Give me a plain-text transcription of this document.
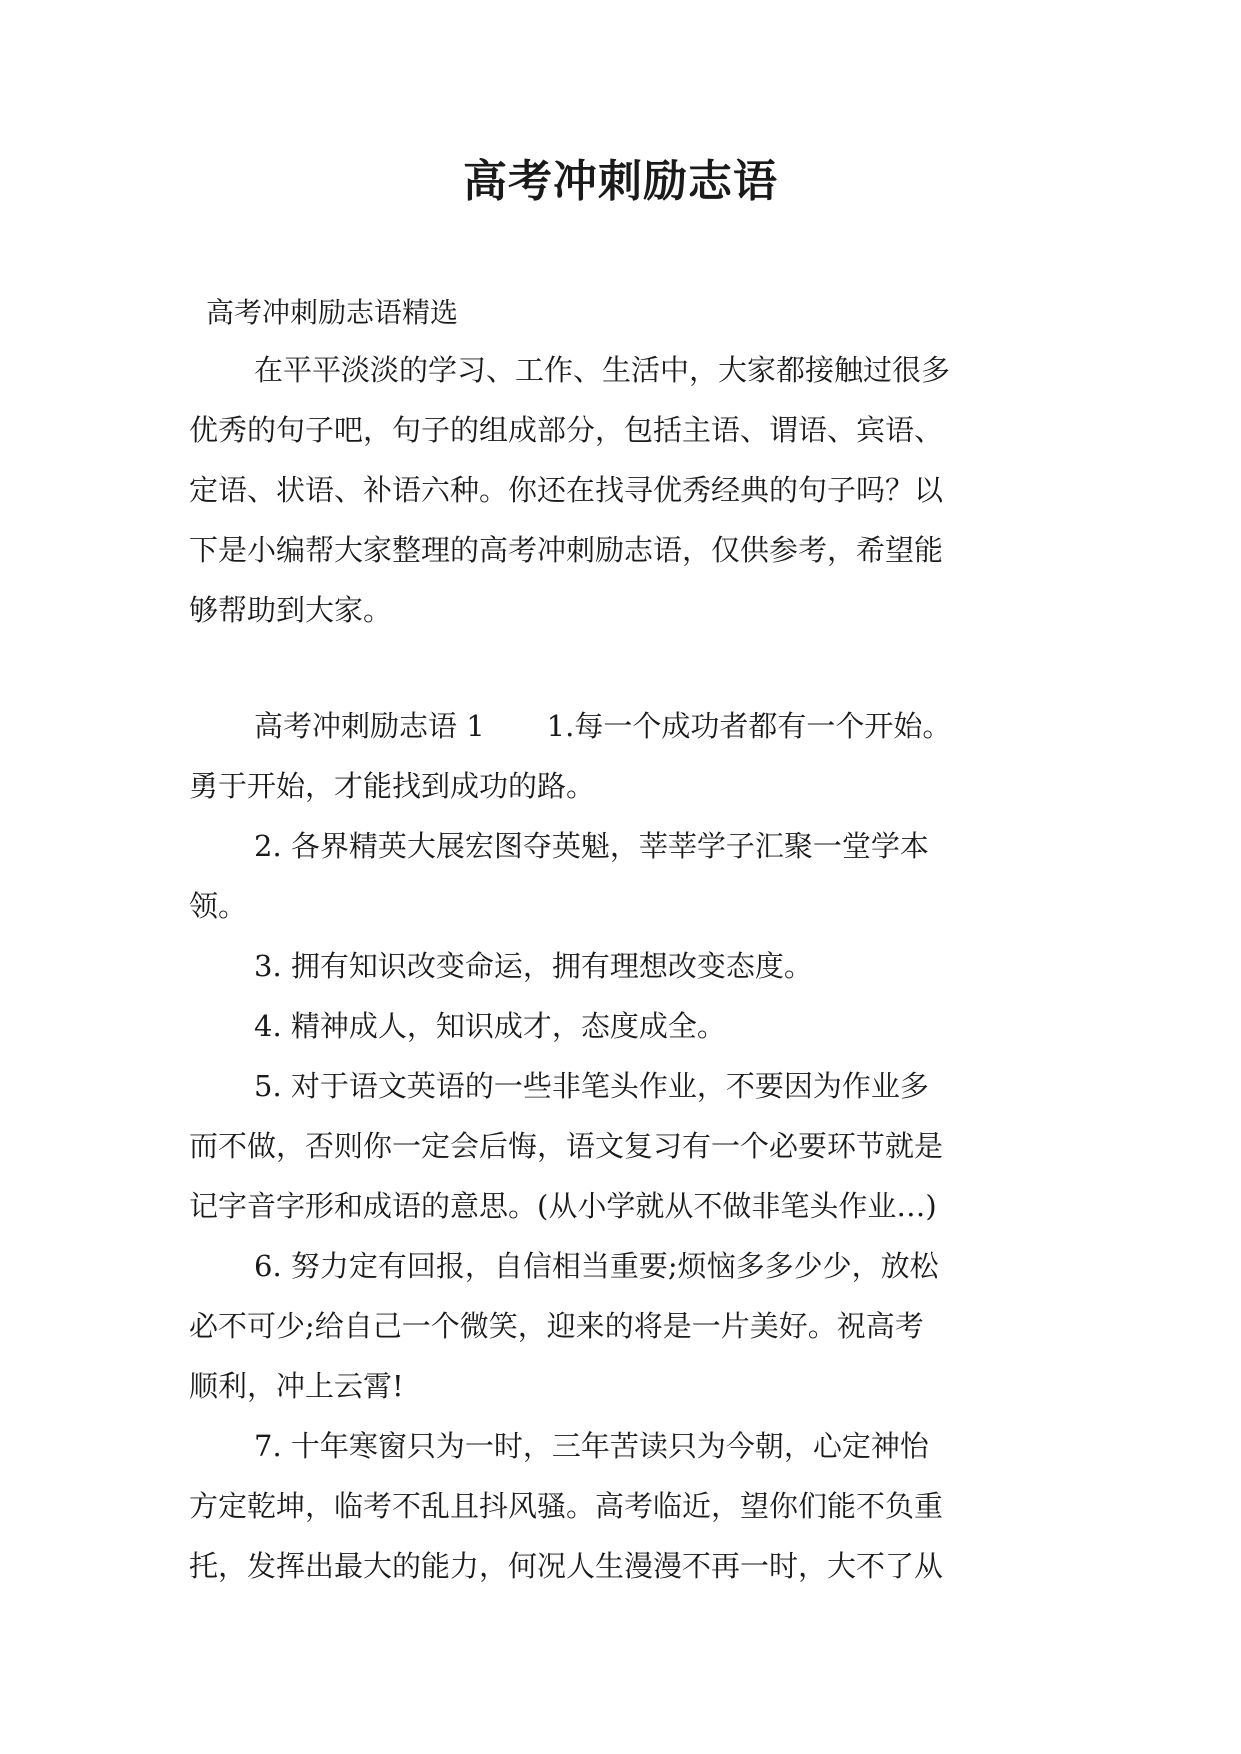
高考冲刺励志语

高考冲刺励志语精选

在平平淡淡的学习、工作、生活中，大家都接触过很多

优秀的句子吧，句子的组成部分，包括主语、谓语、宾语、

定语、状语、补语六种。你还在找寻优秀经典的句子吗？以

下是小编帮大家整理的高考冲刺励志语，仅供参考，希望能

够帮助到大家。

高考冲刺励志语 1 1.每一个成功者都有一个开始。

勇于开始，才能找到成功的路。

2. 各界精英大展宏图夺英魁，莘莘学子汇聚一堂学本

领。

3. 拥有知识改变命运，拥有理想改变态度。

4. 精神成人，知识成才，态度成全。

5. 对于语文英语的一些非笔头作业，不要因为作业多

而不做，否则你一定会后悔，语文复习有一个必要环节就是

记字音字形和成语的意思。(从小学就从不做非笔头作业…)

6. 努力定有回报，自信相当重要;烦恼多多少少，放松

必不可少;给自己一个微笑，迎来的将是一片美好。祝高考

顺利，冲上云霄!

7. 十年寒窗只为一时，三年苦读只为今朝，心定神怡

方定乾坤，临考不乱且抖风骚。高考临近，望你们能不负重

托，发挥出最大的能力，何况人生漫漫不再一时，大不了从
